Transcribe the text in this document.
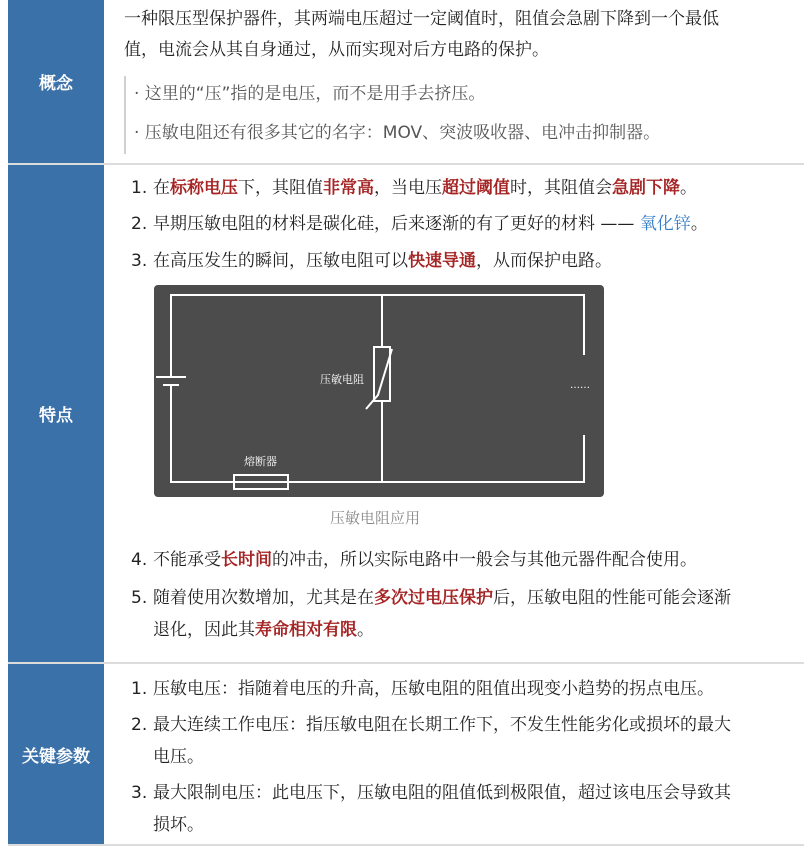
概念
一种限压型保护器件，其两端电压超过一定阈值时，阻值会急剧下降到一个最低
值，电流会从其自身通过，从而实现对后方电路的保护。
· 这里的“压”指的是电压，而不是用手去挤压。
· 压敏电阻还有很多其它的名字：MOV、突波吸收器、电冲击抑制器。
特点
1. 在标称电压下，其阻值非常高，当电压超过阈值时，其阻值会急剧下降。
2. 早期压敏电阻的材料是碳化硅，后来逐渐的有了更好的材料 —— 氧化锌。
3. 在高压发生的瞬间，压敏电阻可以快速导通，从而保护电路。
压敏电阻
熔断器
……
压敏电阻应用
4. 不能承受长时间的冲击，所以实际电路中一般会与其他元器件配合使用。
5. 随着使用次数增加，尤其是在多次过电压保护后，压敏电阻的性能可能会逐渐
退化，因此其寿命相对有限。
关键参数
1. 压敏电压：指随着电压的升高，压敏电阻的阻值出现变小趋势的拐点电压。
2. 最大连续工作电压：指压敏电阻在长期工作下，不发生性能劣化或损坏的最大
电压。
3. 最大限制电压：此电压下，压敏电阻的阻值低到极限值，超过该电压会导致其
损坏。
